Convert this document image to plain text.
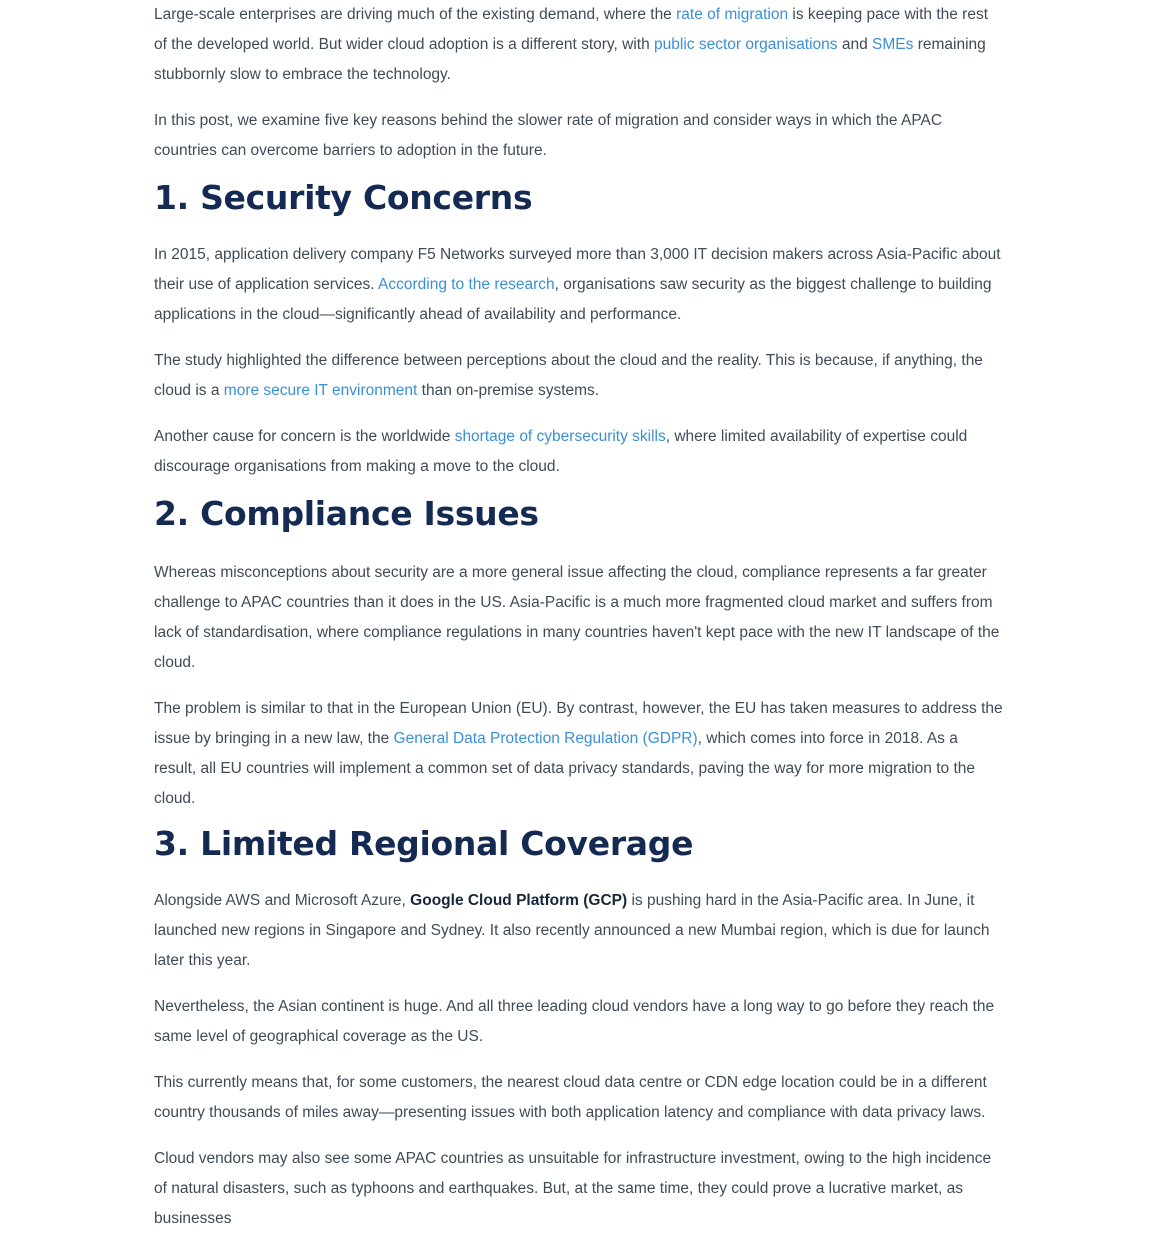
Large-scale enterprises are driving much of the existing demand, where the rate of migration is keeping pace with the rest of the developed world. But wider cloud adoption is a different story, with public sector organisations and SMEs remaining stubbornly slow to embrace the technology.

In this post, we examine five key reasons behind the slower rate of migration and consider ways in which the APAC countries can overcome barriers to adoption in the future.

1. Security Concerns

In 2015, application delivery company F5 Networks surveyed more than 3,000 IT decision makers across Asia-Pacific about their use of application services. According to the research, organisations saw security as the biggest challenge to building applications in the cloud—significantly ahead of availability and performance.

The study highlighted the difference between perceptions about the cloud and the reality. This is because, if anything, the cloud is a more secure IT environment than on-premise systems.

Another cause for concern is the worldwide shortage of cybersecurity skills, where limited availability of expertise could discourage organisations from making a move to the cloud.

2. Compliance Issues

Whereas misconceptions about security are a more general issue affecting the cloud, compliance represents a far greater challenge to APAC countries than it does in the US. Asia-Pacific is a much more fragmented cloud market and suffers from lack of standardisation, where compliance regulations in many countries haven't kept pace with the new IT landscape of the cloud.

The problem is similar to that in the European Union (EU). By contrast, however, the EU has taken measures to address the issue by bringing in a new law, the General Data Protection Regulation (GDPR), which comes into force in 2018. As a result, all EU countries will implement a common set of data privacy standards, paving the way for more migration to the cloud.

3. Limited Regional Coverage

Alongside AWS and Microsoft Azure, Google Cloud Platform (GCP) is pushing hard in the Asia-Pacific area. In June, it launched new regions in Singapore and Sydney. It also recently announced a new Mumbai region, which is due for launch later this year.

Nevertheless, the Asian continent is huge. And all three leading cloud vendors have a long way to go before they reach the same level of geographical coverage as the US.

This currently means that, for some customers, the nearest cloud data centre or CDN edge location could be in a different country thousands of miles away—presenting issues with both application latency and compliance with data privacy laws.

Cloud vendors may also see some APAC countries as unsuitable for infrastructure investment, owing to the high incidence of natural disasters, such as typhoons and earthquakes. But, at the same time, they could prove a lucrative market, as businesses
